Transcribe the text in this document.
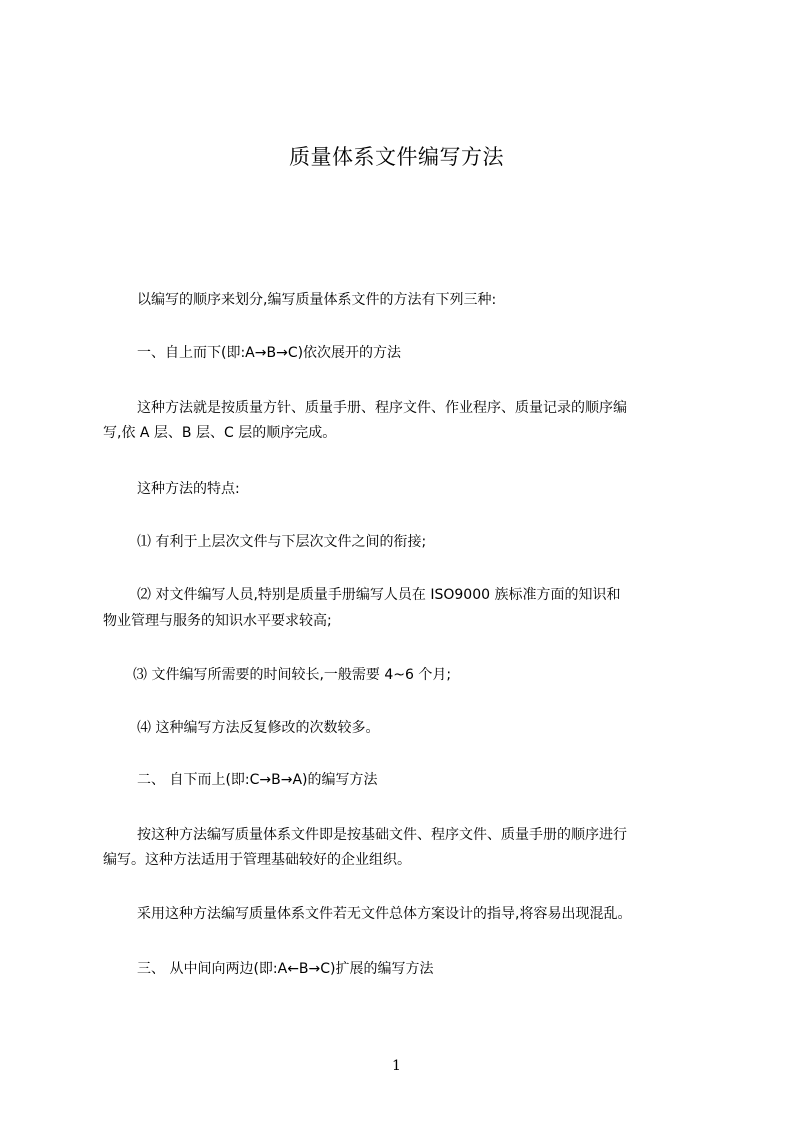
质量体系文件编写方法
以编写的顺序来划分,编写质量体系文件的方法有下列三种:
一、自上而下(即:A→B→C)依次展开的方法
这种方法就是按质量方针、质量手册、程序文件、作业程序、质量记录的顺序编
写,依 A 层、B 层、C 层的顺序完成。
这种方法的特点:
⑴ 有利于上层次文件与下层次文件之间的衔接;
⑵ 对文件编写人员,特别是质量手册编写人员在 ISO9000 族标准方面的知识和
物业管理与服务的知识水平要求较高;
⑶ 文件编写所需要的时间较长,一般需要 4~6 个月;
⑷ 这种编写方法反复修改的次数较多。
二、 自下而上(即:C→B→A)的编写方法
按这种方法编写质量体系文件即是按基础文件、程序文件、质量手册的顺序进行
编写。这种方法适用于管理基础较好的企业组织。
采用这种方法编写质量体系文件若无文件总体方案设计的指导,将容易出现混乱。
三、 从中间向两边(即:A←B→C)扩展的编写方法
1
